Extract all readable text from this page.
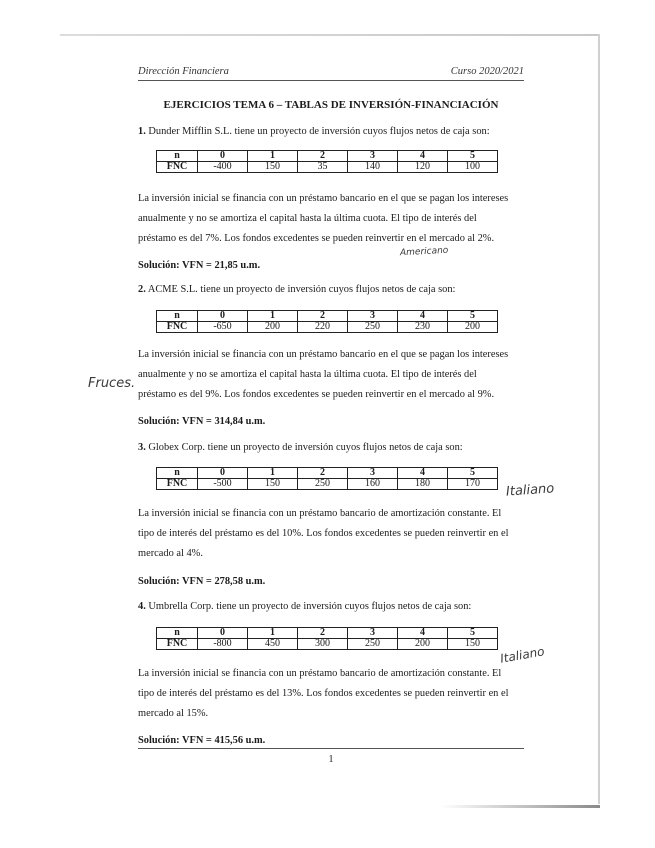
Americano
Fruces.
Italiano
Italiano
Dirección Financiera	Curso 2020/2021
EJERCICIOS TEMA 6 – TABLAS DE INVERSIÓN-FINANCIACIÓN
1. Dunder Mifflin S.L. tiene un proyecto de inversión cuyos flujos netos de caja son:
n	0	1	2	3	4	5
FNC	-400	150	35	140	120	100
La inversión inicial se financia con un préstamo bancario en el que se pagan los intereses
anualmente y no se amortiza el capital hasta la última cuota. El tipo de interés del
préstamo es del 7%. Los fondos excedentes se pueden reinvertir en el mercado al 2%.
Solución: VFN = 21,85 u.m.
2. ACME S.L. tiene un proyecto de inversión cuyos flujos netos de caja son:
n	0	1	2	3	4	5
FNC	-650	200	220	250	230	200
La inversión inicial se financia con un préstamo bancario en el que se pagan los intereses
anualmente y no se amortiza el capital hasta la última cuota. El tipo de interés del
préstamo es del 9%. Los fondos excedentes se pueden reinvertir en el mercado al 9%.
Solución: VFN = 314,84 u.m.
3. Globex Corp. tiene un proyecto de inversión cuyos flujos netos de caja son:
n	0	1	2	3	4	5
FNC	-500	150	250	160	180	170
La inversión inicial se financia con un préstamo bancario de amortización constante. El
tipo de interés del préstamo es del 10%. Los fondos excedentes se pueden reinvertir en el
mercado al 4%.
Solución: VFN = 278,58 u.m.
4. Umbrella Corp. tiene un proyecto de inversión cuyos flujos netos de caja son:
n	0	1	2	3	4	5
FNC	-800	450	300	250	200	150
La inversión inicial se financia con un préstamo bancario de amortización constante. El
tipo de interés del préstamo es del 13%. Los fondos excedentes se pueden reinvertir en el
mercado al 15%.
Solución: VFN = 415,56 u.m.
1
